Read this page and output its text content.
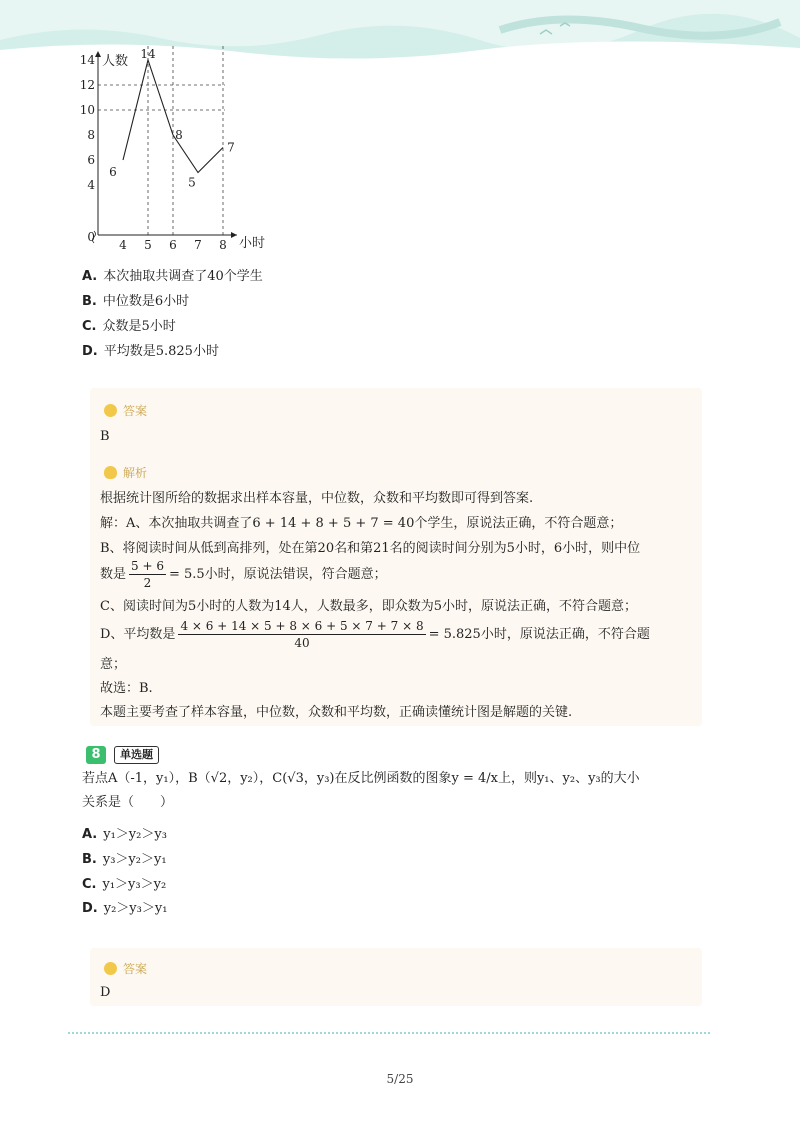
0
4
6
8
10
12
14
4 5 6 7 8
人数
小时
6
14
8
5
7
A. 本次抽取共调查了40个学生
B. 中位数是6小时
C. 众数是5小时
D. 平均数是5.825小时
答案
B
解析
根据统计图所给的数据求出样本容量，中位数，众数和平均数即可得到答案.
解：A、本次抽取共调查了6 + 14 + 8 + 5 + 7 = 40个学生，原说法正确，不符合题意；
B、将阅读时间从低到高排列，处在第20名和第21名的阅读时间分别为5小时，6小时，则中位
数是 $\frac{5 + 6}{2} = 5.5$小时，原说法错误，符合题意；
C、阅读时间为5小时的人数为14人，人数最多，即众数为5小时，原说法正确，不符合题意；
D、平均数是 $\frac{4 \times 6 + 14 \times 5 + 8 \times 6 + 5 \times 7 + 7 \times 8}{40} = 5.825$小时，原说法正确，不符合题
意；
故选：B.
本题主要考查了样本容量，中位数，众数和平均数，正确读懂统计图是解题的关键.
8	单选题
若点A（-1，y₁），B（√2，y₂），C(√3，y₃)在反比例函数的图象y = 4/x上，则y₁、y₂、y₃的大小
关系是（　　）
A. y₁＞y₂＞y₃
B. y₃＞y₂＞y₁
C. y₁＞y₃＞y₂
D. y₂＞y₃＞y₁
答案
D
5/25
